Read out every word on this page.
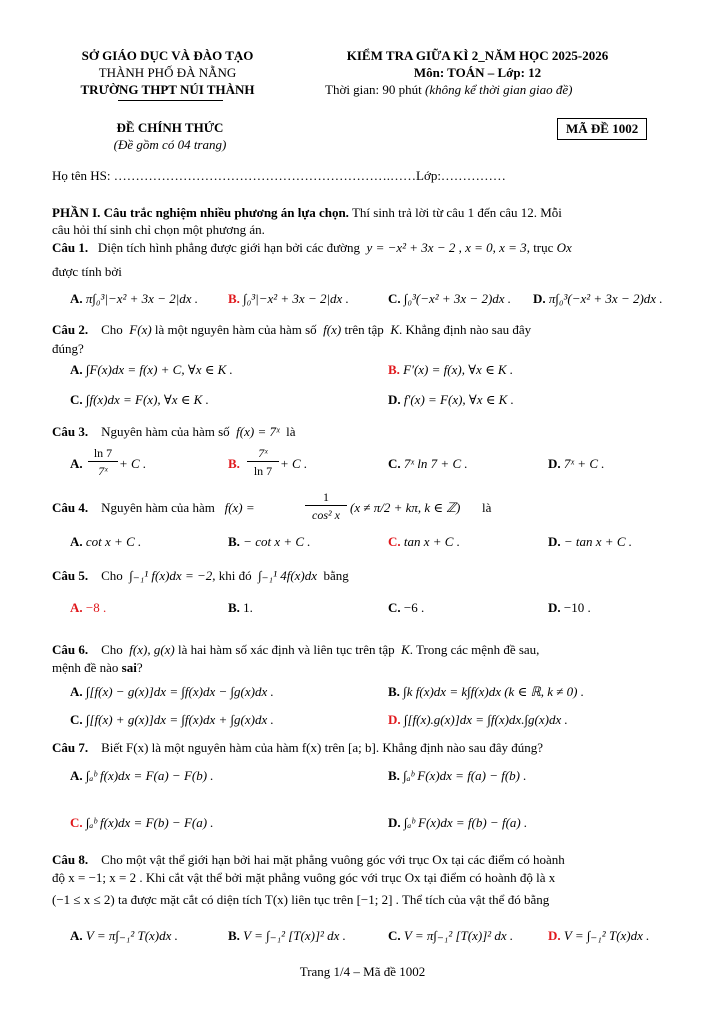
SỞ GIÁO DỤC VÀ ĐÀO TẠO
THÀNH PHỐ ĐÀ NẴNG
TRƯỜNG THPT NÚI THÀNH
KIỂM TRA GIỮA KÌ 2_NĂM HỌC 2025-2026
Môn: TOÁN – Lớp: 12
Thời gian: 90 phút (không kể thời gian giao đề)
ĐỀ CHÍNH THỨC
(Đề gồm có 04 trang)
MÃ ĐỀ 1002
Họ tên HS: ……………………………………………………….……Lớp:……………
PHẦN I. Câu trắc nghiệm nhiều phương án lựa chọn. Thí sinh trả lời từ câu 1 đến câu 12. Mỗi
câu hỏi thí sinh chỉ chọn một phương án.
Câu 1. Diện tích hình phẳng được giới hạn bởi các đường y = −x² + 3x − 2 , x = 0, x = 3, trục Ox
được tính bởi
A. π∫₀³|−x² + 3x − 2|dx . B. ∫₀³|−x² + 3x − 2|dx .	C. ∫₀³(−x² + 3x − 2)dx . D. π∫₀³(−x² + 3x − 2)dx .
Câu 2. Cho F(x) là một nguyên hàm của hàm số f(x) trên tập K. Khẳng định nào sau đây
đúng?
A. ∫F(x)dx = f(x) + C, ∀x ∈ K .	B. F′(x) = f(x), ∀x ∈ K .
C. ∫f(x)dx = F(x), ∀x ∈ K .	D. f′(x) = F(x), ∀x ∈ K .
Câu 3. Nguyên hàm của hàm số f(x) = 7ˣ là
A.
ln 7
7ˣ + C .	B.
7ˣ
ln 7 + C .	C. 7ˣ ln 7 + C .	D. 7ˣ + C .
Câu 4. Nguyên hàm của hàm f(x) =
1
cos² x (x ≠ π/2 + kπ, k ∈ ℤ) là
A. cot x + C .	B. − cot x + C .	C. tan x + C .	D. − tan x + C .
Câu 5. Cho ∫₋₁¹ f(x)dx = −2, khi đó ∫₋₁¹ 4f(x)dx bằng
A. −8 .	B. 1.	C. −6 .	D. −10 .
Câu 6. Cho f(x), g(x) là hai hàm số xác định và liên tục trên tập K. Trong các mệnh đề sau,
mệnh đề nào sai?
A. ∫[f(x) − g(x)]dx = ∫f(x)dx − ∫g(x)dx .	B. ∫k f(x)dx = k∫f(x)dx (k ∈ ℝ, k ≠ 0) .
C. ∫[f(x) + g(x)]dx = ∫f(x)dx + ∫g(x)dx .	D. ∫[f(x).g(x)]dx = ∫f(x)dx.∫g(x)dx .
Câu 7. Biết F(x) là một nguyên hàm của hàm f(x) trên [a; b]. Khẳng định nào sau đây đúng?
A. ∫ₐᵇ f(x)dx = F(a) − F(b) .	B. ∫ₐᵇ F(x)dx = f(a) − f(b) .
C. ∫ₐᵇ f(x)dx = F(b) − F(a) .	D. ∫ₐᵇ F(x)dx = f(b) − f(a) .
Câu 8. Cho một vật thể giới hạn bởi hai mặt phẳng vuông góc với trục Ox tại các điểm có hoành
độ x = −1; x = 2 . Khi cắt vật thể bởi mặt phẳng vuông góc với trục Ox tại điểm có hoành độ là x
(−1 ≤ x ≤ 2) ta được mặt cắt có diện tích T(x) liên tục trên [−1; 2] . Thể tích của vật thể đó bằng
A. V = π∫₋₁² T(x)dx .	B. V = ∫₋₁² [T(x)]² dx .	C. V = π∫₋₁² [T(x)]² dx .	D. V = ∫₋₁² T(x)dx .
Trang 1/4 – Mã đề 1002
